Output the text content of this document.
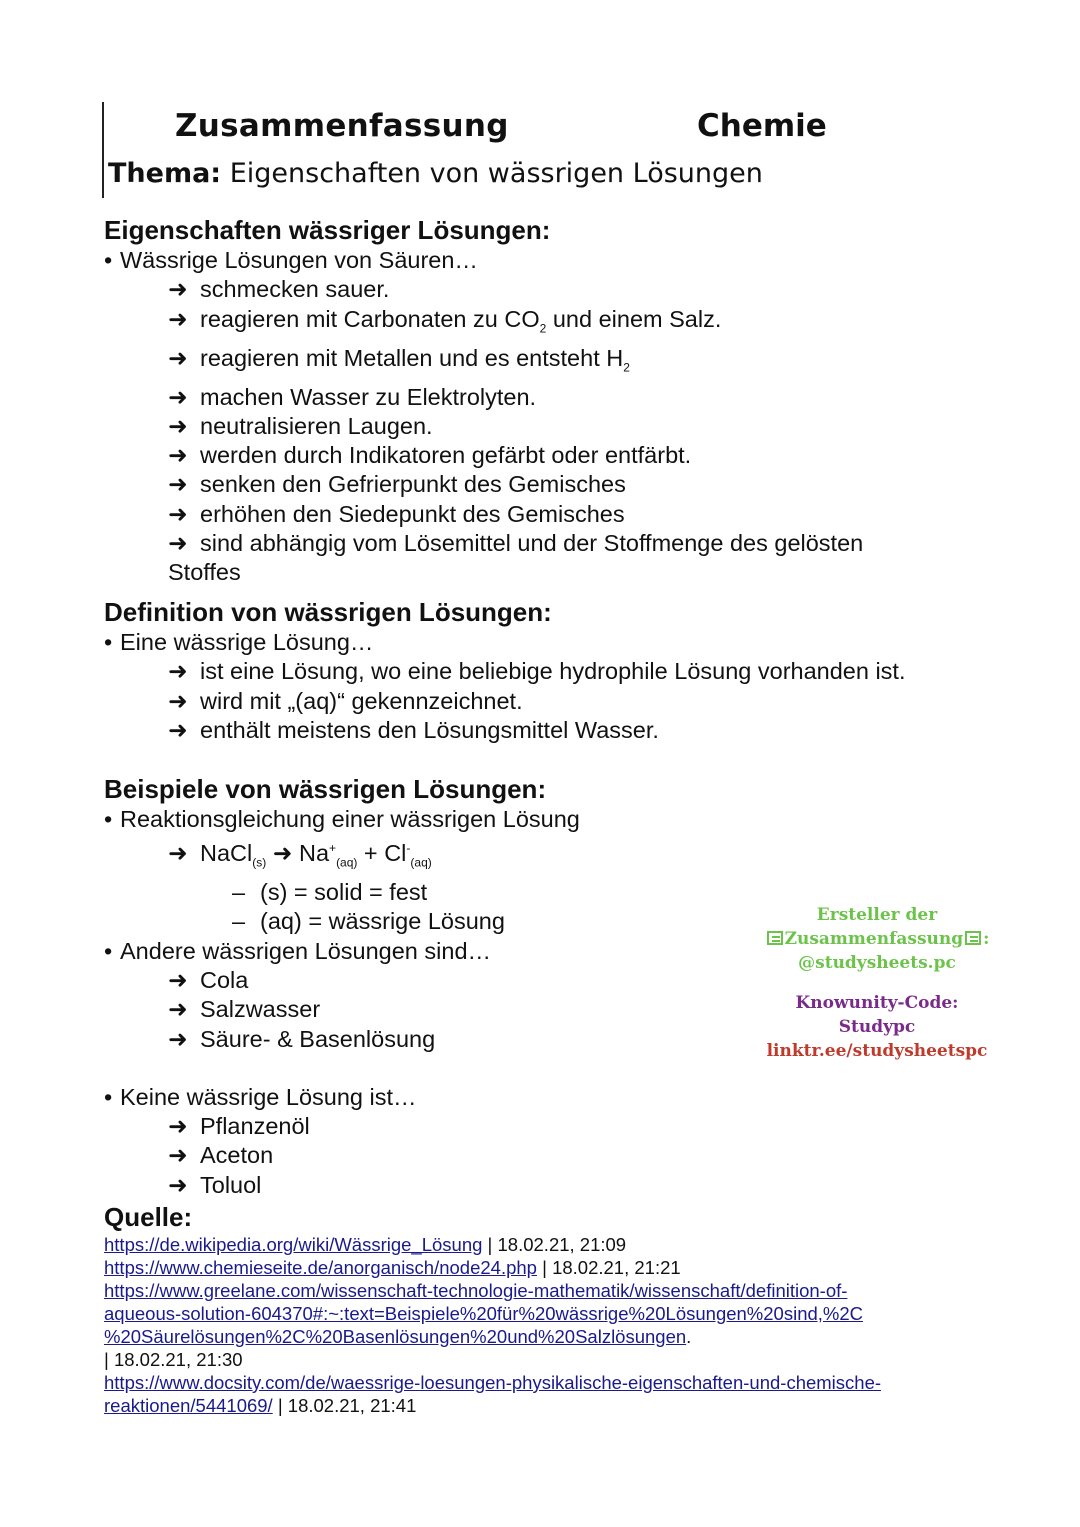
Zusammenfassung	Chemie
Thema: Eigenschaften von wässrigen Lösungen

Eigenschaften wässriger Lösungen:

• Wässrige Lösungen von Säuren…

➜ schmecken sauer.

➜ reagieren mit Carbonaten zu $CO_2$ und einem Salz.

➜ reagieren mit Metallen und es entsteht $H_2$

➜ machen Wasser zu Elektrolyten.

➜ neutralisieren Laugen.

➜ werden durch Indikatoren gefärbt oder entfärbt.

➜ senken den Gefrierpunkt des Gemisches

➜ erhöhen den Siedepunkt des Gemisches

➜ sind abhängig vom Lösemittel und der Stoffmenge des gelösten

Stoffes

Definition von wässrigen Lösungen:

• Eine wässrige Lösung…

➜ ist eine Lösung, wo eine beliebige hydrophile Lösung vorhanden ist.

➜ wird mit „(aq)“ gekennzeichnet.

➜ enthält meistens den Lösungsmittel Wasser.

Beispiele von wässrigen Lösungen:

• Reaktionsgleichung einer wässrigen Lösung

➜ NaCl$_{(s)}$ ➜ $Na^+_{(aq)} + Cl^-_{(aq)}$

– (s) = solid = fest

– (aq) = wässrige Lösung

• Andere wässrigen Lösungen sind…

➜ Cola

➜ Salzwasser

➜ Säure- & Basenlösung

• Keine wässrige Lösung ist…

➜ Pflanzenöl

➜ Aceton

➜ Toluol

Ersteller der
Zusammenfassung :
@studysheets.pc
Knowunity-Code:
Studypc
linktr.ee/studysheetspc
Quelle:

https://de.wikipedia.org/wiki/Wässrige_Lösung | 18.02.21, 21:09

https://www.chemieseite.de/anorganisch/node24.php | 18.02.21, 21:21

https://www.greelane.com/wissenschaft-technologie-mathematik/wissenschaft/definition-of-

aqueous-solution-604370#:~:text=Beispiele%20für%20wässrige%20Lösungen%20sind,%2C

%20Säurelösungen%2C%20Basenlösungen%20und%20Salzlösungen.

| 18.02.21, 21:30

https://www.docsity.com/de/waessrige-loesungen-physikalische-eigenschaften-und-chemische-

reaktionen/5441069/ | 18.02.21, 21:41
